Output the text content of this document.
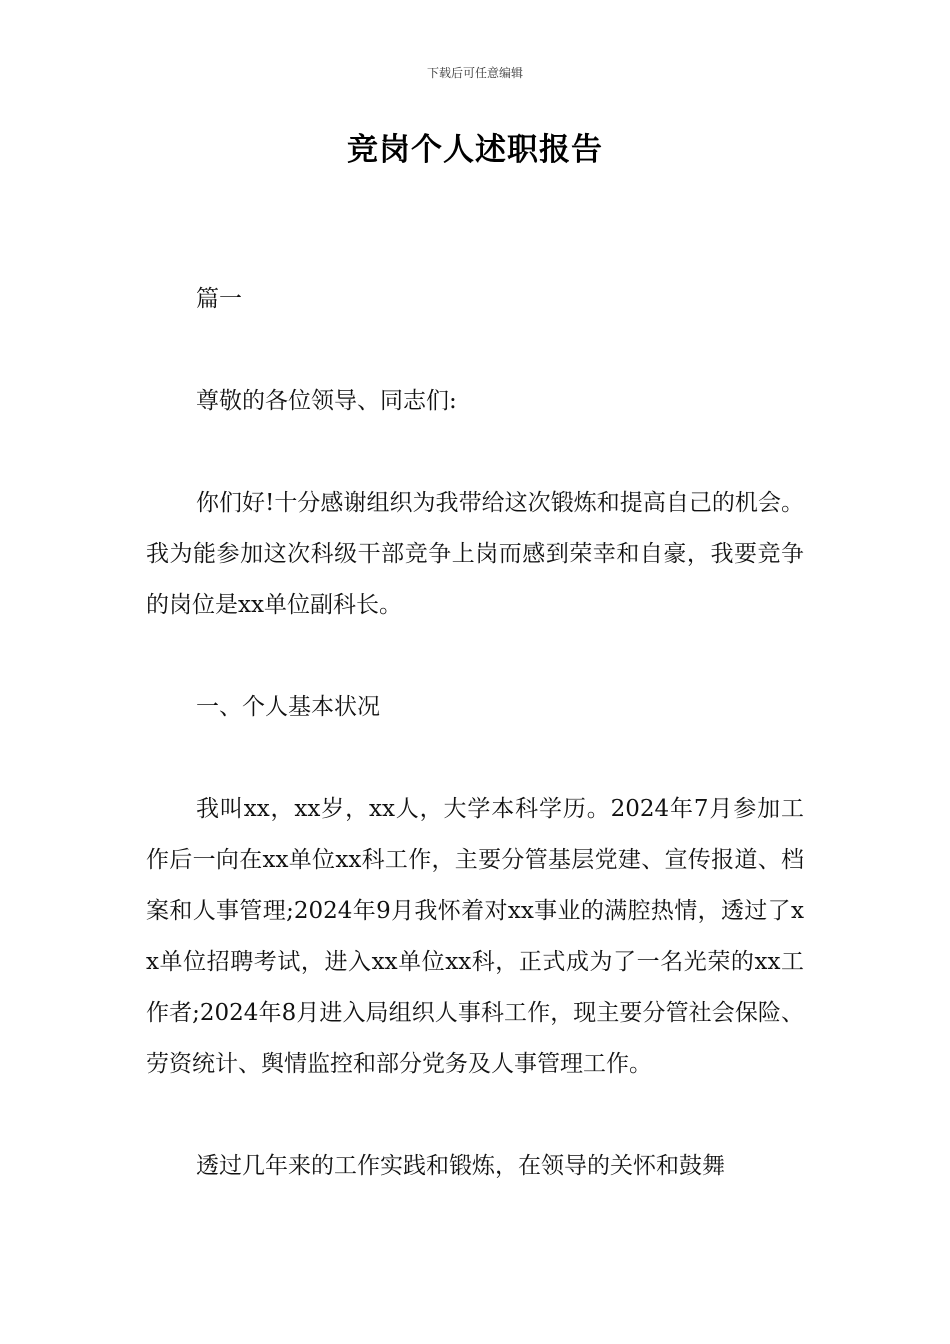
下载后可任意编辑
竞岗个人述职报告

篇一

尊敬的各位领导、同志们:

你们好!十分感谢组织为我带给这次锻炼和提高自己的机会。我为能参加这次科级干部竞争上岗而感到荣幸和自豪，我要竞争的岗位是xx单位副科长。

一、个人基本状况

我叫xx，xx岁，xx人，大学本科学历。2024年7月参加工作后一向在xx单位xx科工作，主要分管基层党建、宣传报道、档案和人事管理;2024年9月我怀着对xx事业的满腔热情，透过了xx单位招聘考试，进入xx单位xx科，正式成为了一名光荣的xx工作者;2024年8月进入局组织人事科工作，现主要分管社会保险、劳资统计、舆情监控和部分党务及人事管理工作。

透过几年来的工作实践和锻炼，在领导的关怀和鼓舞
